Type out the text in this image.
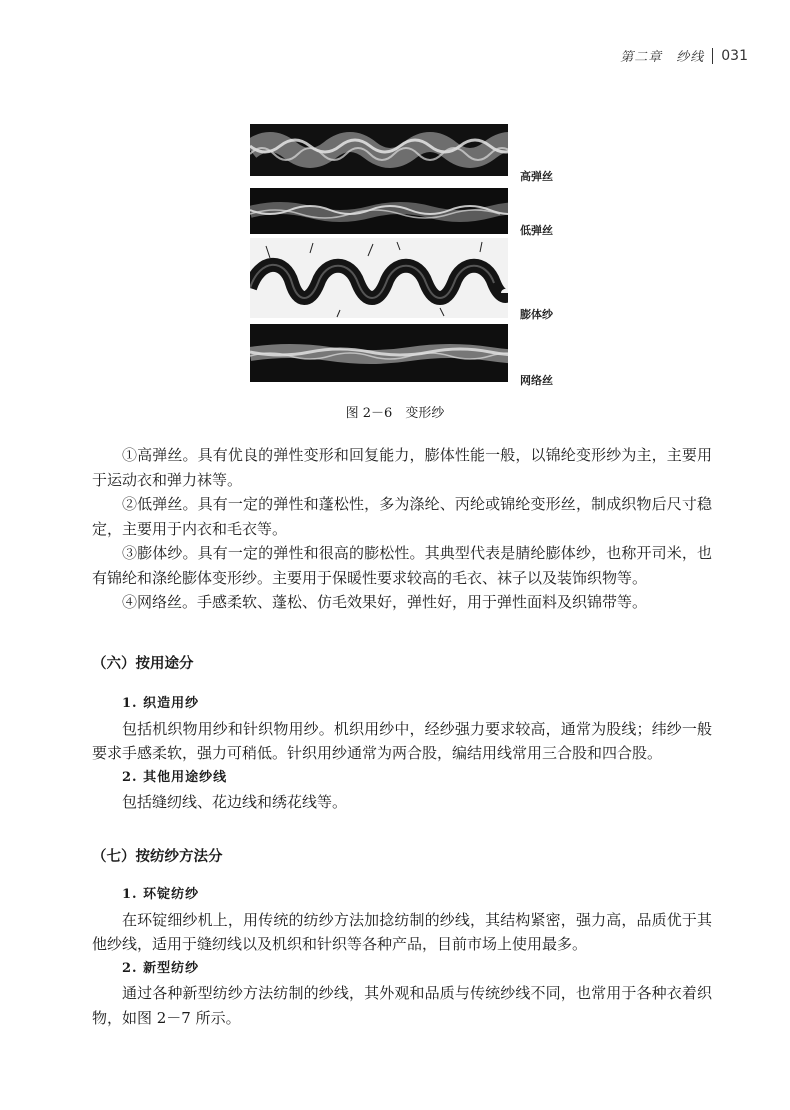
第二章　纱线 031
高弹丝
低弹丝
膨体纱
网络丝
图 2－6　变形纱

①高弹丝。具有优良的弹性变形和回复能力，膨体性能一般，以锦纶变形纱为主，主要用于运动衣和弹力袜等。

②低弹丝。具有一定的弹性和蓬松性，多为涤纶、丙纶或锦纶变形丝，制成织物后尺寸稳定，主要用于内衣和毛衣等。

③膨体纱。具有一定的弹性和很高的膨松性。其典型代表是腈纶膨体纱，也称开司米，也有锦纶和涤纶膨体变形纱。主要用于保暖性要求较高的毛衣、袜子以及装饰织物等。

④网络丝。手感柔软、蓬松、仿毛效果好，弹性好，用于弹性面料及织锦带等。

（六）按用途分

1. 织造用纱

包括机织物用纱和针织物用纱。机织用纱中，经纱强力要求较高，通常为股线；纬纱一般要求手感柔软，强力可稍低。针织用纱通常为两合股，编结用线常用三合股和四合股。

2. 其他用途纱线

包括缝纫线、花边线和绣花线等。

（七）按纺纱方法分

1. 环锭纺纱

在环锭细纱机上，用传统的纺纱方法加捻纺制的纱线，其结构紧密，强力高，品质优于其他纱线，适用于缝纫线以及机织和针织等各种产品，目前市场上使用最多。

2. 新型纺纱

通过各种新型纺纱方法纺制的纱线，其外观和品质与传统纱线不同，也常用于各种衣着织物，如图 2－7 所示。
